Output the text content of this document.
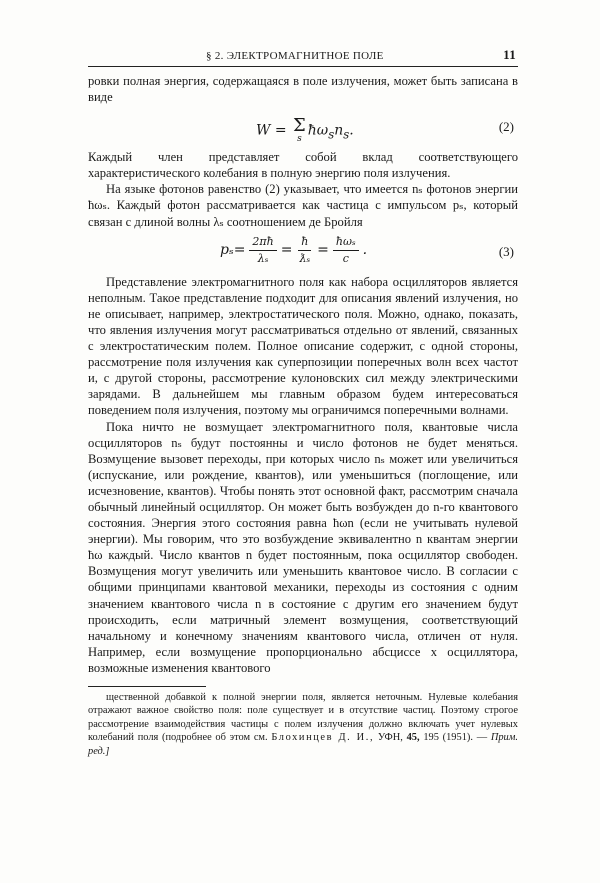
§ 2. ЭЛЕКТРОМАГНИТНОЕ ПОЛЕ	11

ровки полная энергия, содержащаяся в поле излучения, может быть записана в виде

W = Σ
s
$ħ\omega_sn_s$.	(2)

Каждый член представляет собой вклад соответствующего характеристического колебания в полную энергию поля излучения.

На языке фотонов равенство (2) указывает, что имеется nₛ фотонов энергии ħωₛ. Каждый фотон рассматривается как частица с импульсом pₛ, который связан с длиной волны λₛ соотношением де Бройля

$p_s = \frac{2\pi ħ}{\text{λₛ}} = \frac{ħ}{\text{ƛₛ}} = \frac{\text{ħωₛ}}{c}$ .	(3)

Представление электромагнитного поля как набора осцилляторов является неполным. Такое представление подходит для описания явлений излучения, но не описывает, например, электростатического поля. Можно, однако, показать, что явления излучения могут рассматриваться отдельно от явлений, связанных с электростатическим полем. Полное описание содержит, с одной стороны, рассмотрение поля излучения как суперпозиции поперечных волн всех частот и, с другой стороны, рассмотрение кулоновских сил между электрическими зарядами. В дальнейшем мы главным образом будем интересоваться поведением поля излучения, поэтому мы ограничимся поперечными волнами.

Пока ничто не возмущает электромагнитного поля, квантовые числа осцилляторов nₛ будут постоянны и число фотонов не будет меняться. Возмущение вызовет переходы, при которых число nₛ может или увеличиться (испускание, или рождение, квантов), или уменьшиться (поглощение, или исчезновение, квантов). Чтобы понять этот основной факт, рассмотрим сначала обычный линейный осциллятор. Он может быть возбужден до n-го квантового состояния. Энергия этого состояния равна ħωn (если не учитывать нулевой энергии). Мы говорим, что это возбуждение эквивалентно n квантам энергии ħω каждый. Число квантов n будет постоянным, пока осциллятор свободен. Возмущения могут увеличить или уменьшить квантовое число. В согласии с общими принципами квантовой механики, переходы из состояния с одним значением квантового числа n в состояние с другим его значением будут происходить, если матричный элемент возмущения, соответствующий начальному и конечному значениям квантового числа, отличен от нуля. Например, если возмущение пропорционально абсциссе x осциллятора, возможные изменения квантового

щественной добавкой к полной энергии поля, является неточным. Нулевые колебания отражают важное свойство поля: поле существует и в отсутствие частиц. Поэтому строгое рассмотрение взаимодействия частицы с полем излучения должно включать учет нулевых колебаний поля (подробнее об этом см. Блохинцев Д. И., УФН, 45, 195 (1951). — Прим. ред.]
